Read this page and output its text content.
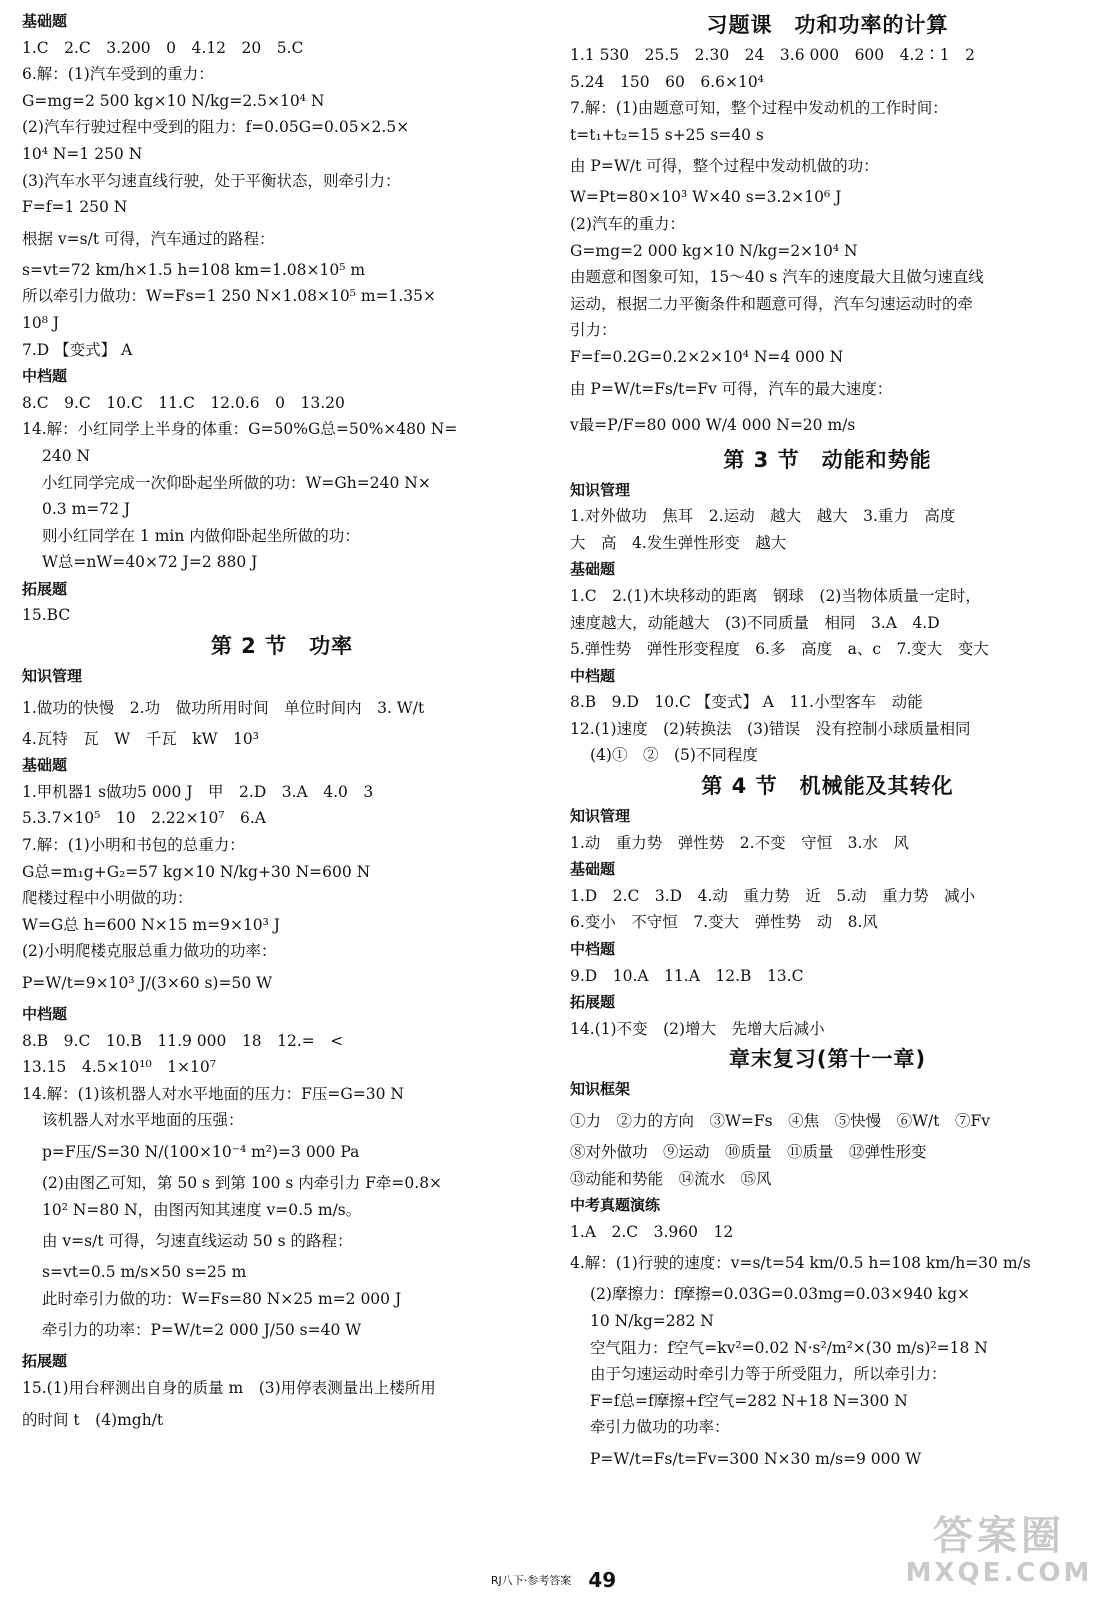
基础题
1.C　2.C　3.200　0　4.12　20　5.C
6.解：(1)汽车受到的重力：
G=mg=2 500 kg×10 N/kg=2.5×10⁴ N
(2)汽车行驶过程中受到的阻力：f=0.05G=0.05×2.5×
10⁴ N=1 250 N
(3)汽车水平匀速直线行驶，处于平衡状态，则牵引力：
F=f=1 250 N
根据 v=s/t 可得，汽车通过的路程：
s=vt=72 km/h×1.5 h=108 km=1.08×10⁵ m
所以牵引力做功：W=Fs=1 250 N×1.08×10⁵ m=1.35×
10⁸ J
7.D 【变式】 A
中档题
8.C　9.C　10.C　11.C　12.0.6　0　13.20
14.解：小红同学上半身的体重：G=50%G总=50%×480 N=
240 N
小红同学完成一次仰卧起坐所做的功：W=Gh=240 N×
0.3 m=72 J
则小红同学在 1 min 内做仰卧起坐所做的功：
W总=nW=40×72 J=2 880 J
拓展题
15.BC
第 2 节　功率
知识管理
1.做功的快慢　2.功　做功所用时间　单位时间内　3. W/t
4.瓦特　瓦　W　千瓦　kW　10³
基础题
1.甲机器1 s做功5 000 J　甲　2.D　3.A　4.0　3
5.3.7×10⁵　10　2.22×10⁷　6.A
7.解：(1)小明和书包的总重力：
G总=m₁g+G₂=57 kg×10 N/kg+30 N=600 N
爬楼过程中小明做的功：
W=G总 h=600 N×15 m=9×10³ J
(2)小明爬楼克服总重力做功的功率：
P=W/t=9×10³ J/(3×60 s)=50 W
中档题
8.B　9.C　10.B　11.9 000　18　12.=　<
13.15　4.5×10¹⁰　1×10⁷
14.解：(1)该机器人对水平地面的压力：F压=G=30 N
该机器人对水平地面的压强：
p=F压/S=30 N/(100×10⁻⁴ m²)=3 000 Pa
(2)由图乙可知，第 50 s 到第 100 s 内牵引力 F牵=0.8×
10² N=80 N，由图丙知其速度 v=0.5 m/s。
由 v=s/t 可得，匀速直线运动 50 s 的路程：
s=vt=0.5 m/s×50 s=25 m
此时牵引力做的功：W=Fs=80 N×25 m=2 000 J
牵引力的功率：P=W/t=2 000 J/50 s=40 W
拓展题
15.(1)用台秤测出自身的质量 m　(3)用停表测量出上楼所用
的时间 t　(4)mgh/t
习题课　功和功率的计算
1.1 530　25.5　2.30　24　3.6 000　600　4.2∶1　2
5.24　150　60　6.6×10⁴
7.解：(1)由题意可知，整个过程中发动机的工作时间：
t=t₁+t₂=15 s+25 s=40 s
由 P=W/t 可得，整个过程中发动机做的功：
W=Pt=80×10³ W×40 s=3.2×10⁶ J
(2)汽车的重力：
G=mg=2 000 kg×10 N/kg=2×10⁴ N
由题意和图象可知，15～40 s 汽车的速度最大且做匀速直线
运动，根据二力平衡条件和题意可得，汽车匀速运动时的牵
引力：
F=f=0.2G=0.2×2×10⁴ N=4 000 N
由 P=W/t=Fs/t=Fv 可得，汽车的最大速度：
v最=P/F=80 000 W/4 000 N=20 m/s
第 3 节　动能和势能
知识管理
1.对外做功　焦耳　2.运动　越大　越大　3.重力　高度
大　高　4.发生弹性形变　越大
基础题
1.C　2.(1)木块移动的距离　钢球　(2)当物体质量一定时，
速度越大，动能越大　(3)不同质量　相同　3.A　4.D
5.弹性势　弹性形变程度　6.多　高度　a、c　7.变大　变大
中档题
8.B　9.D　10.C 【变式】 A　11.小型客车　动能
12.(1)速度　(2)转换法　(3)错误　没有控制小球质量相同
(4)①　②　(5)不同程度
第 4 节　机械能及其转化
知识管理
1.动　重力势　弹性势　2.不变　守恒　3.水　风
基础题
1.D　2.C　3.D　4.动　重力势　近　5.动　重力势　减小
6.变小　不守恒　7.变大　弹性势　动　8.风
中档题
9.D　10.A　11.A　12.B　13.C
拓展题
14.(1)不变　(2)增大　先增大后减小
章末复习(第十一章)
知识框架
①力　②力的方向　③W=Fs　④焦　⑤快慢　⑥W/t　⑦Fv
⑧对外做功　⑨运动　⑩质量　⑪质量　⑫弹性形变
⑬动能和势能　⑭流水　⑮风
中考真题演练
1.A　2.C　3.960　12
4.解：(1)行驶的速度：v=s/t=54 km/0.5 h=108 km/h=30 m/s
(2)摩擦力：f摩擦=0.03G=0.03mg=0.03×940 kg×
10 N/kg=282 N
空气阻力：f空气=kv²=0.02 N·s²/m²×(30 m/s)²=18 N
由于匀速运动时牵引力等于所受阻力，所以牵引力：
F=f总=f摩擦+f空气=282 N+18 N=300 N
牵引力做功的功率：
P=W/t=Fs/t=Fv=300 N×30 m/s=9 000 W
RJ八下·参考答案 49
答案圈
MXQE.COM
